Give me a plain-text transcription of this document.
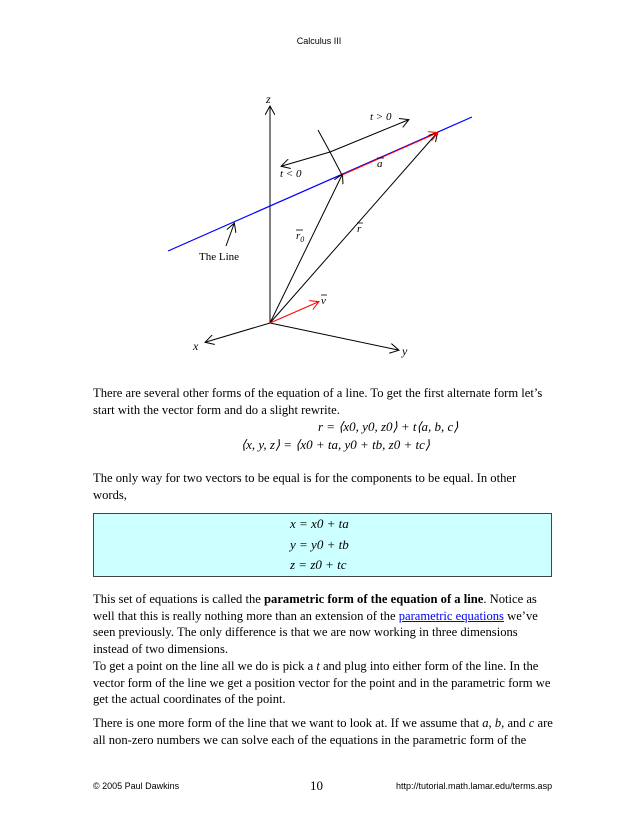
Calculus III
z
x	y
t > 0
t < 0
a
$r_0$
r
v
The Line
There are several other forms of the equation of a line. To get the first alternate form let’s start with the vector form and do a slight rewrite.
r = ⟨x0, y0, z0⟩ + t⟨a, b, c⟩
⟨x, y, z⟩ = ⟨x0 + ta, y0 + tb, z0 + tc⟩
The only way for two vectors to be equal is for the components to be equal. In other words,
x = x0 + ta
y = y0 + tb
z = z0 + tc
This set of equations is called the parametric form of the equation of a line. Notice as well that this is really nothing more than an extension of the parametric equations we’ve seen previously. The only difference is that we are now working in three dimensions instead of two dimensions.
To get a point on the line all we do is pick a t and plug into either form of the line. In the vector form of the line we get a position vector for the point and in the parametric form we get the actual coordinates of the point.
There is one more form of the line that we want to look at. If we assume that a, b, and c are all non-zero numbers we can solve each of the equations in the parametric form of the
© 2005 Paul Dawkins	10	http://tutorial.math.lamar.edu/terms.asp
